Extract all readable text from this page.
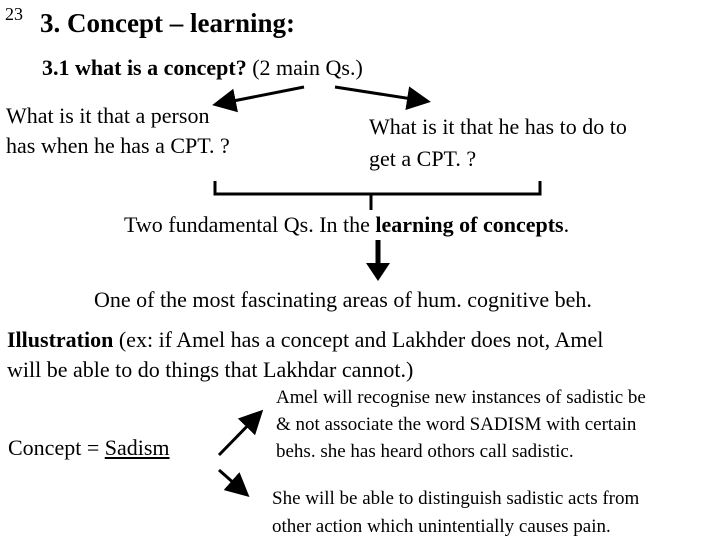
23 3. Concept – learning:
3.1 what is a concept? (2 main Qs.)
What is it that a person
has when he has a CPT. ?
What is it that he has to do to
get a CPT. ?
Two fundamental Qs. In the learning of concepts.
One of the most fascinating areas of hum. cognitive beh.
Illustration (ex: if Amel has a concept and Lakhder does not, Amel
will be able to do things that Lakhdar cannot.)
Concept = Sadism
Amel will recognise new instances of sadistic be
& not associate the word SADISM with certain
behs. she has heard othors call sadistic.
She will be able to distinguish sadistic acts from
other action which unintentially causes pain.
